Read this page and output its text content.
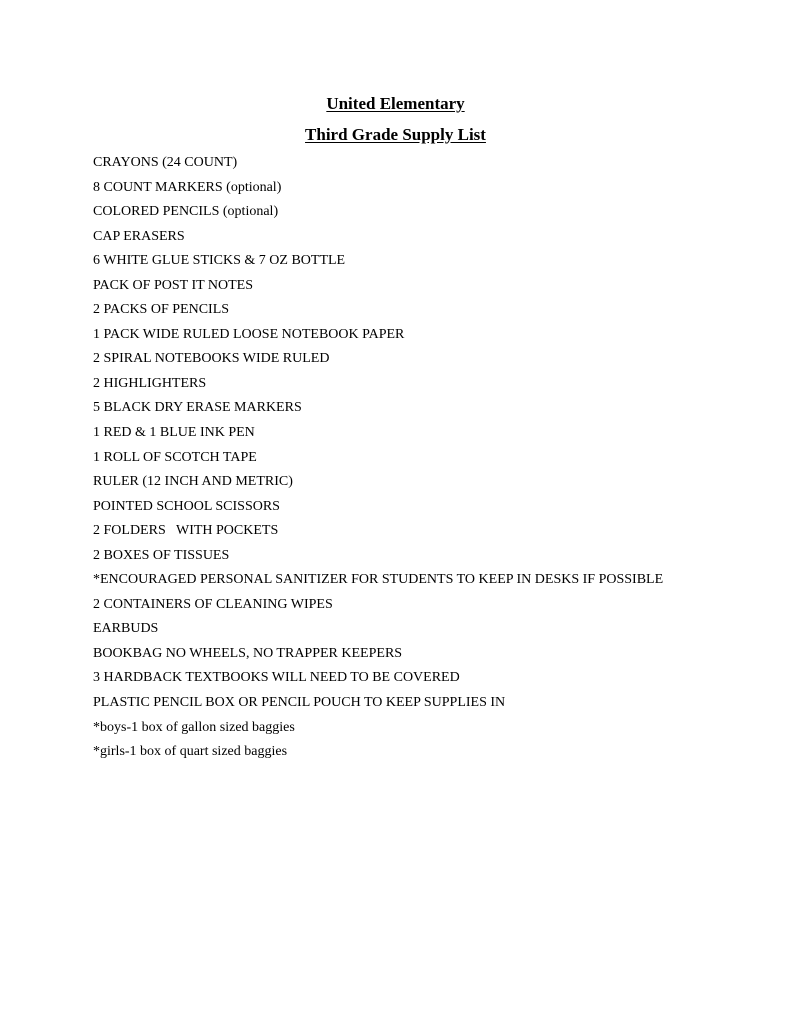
United Elementary
Third Grade Supply List
CRAYONS (24 COUNT)
8 COUNT MARKERS (optional)
COLORED PENCILS (optional)
CAP ERASERS
6 WHITE GLUE STICKS & 7 OZ BOTTLE
PACK OF POST IT NOTES
2 PACKS OF PENCILS
1 PACK WIDE RULED LOOSE NOTEBOOK PAPER
2 SPIRAL NOTEBOOKS WIDE RULED
2 HIGHLIGHTERS
5 BLACK DRY ERASE MARKERS
1 RED & 1 BLUE INK PEN
1 ROLL OF SCOTCH TAPE
RULER (12 INCH AND METRIC)
POINTED SCHOOL SCISSORS
2 FOLDERS   WITH POCKETS
2 BOXES OF TISSUES
*ENCOURAGED PERSONAL SANITIZER FOR STUDENTS TO KEEP IN DESKS IF POSSIBLE
2 CONTAINERS OF CLEANING WIPES
EARBUDS
BOOKBAG NO WHEELS, NO TRAPPER KEEPERS
3 HARDBACK TEXTBOOKS WILL NEED TO BE COVERED
PLASTIC PENCIL BOX OR PENCIL POUCH TO KEEP SUPPLIES IN
*boys-1 box of gallon sized baggies
*girls-1 box of quart sized baggies
